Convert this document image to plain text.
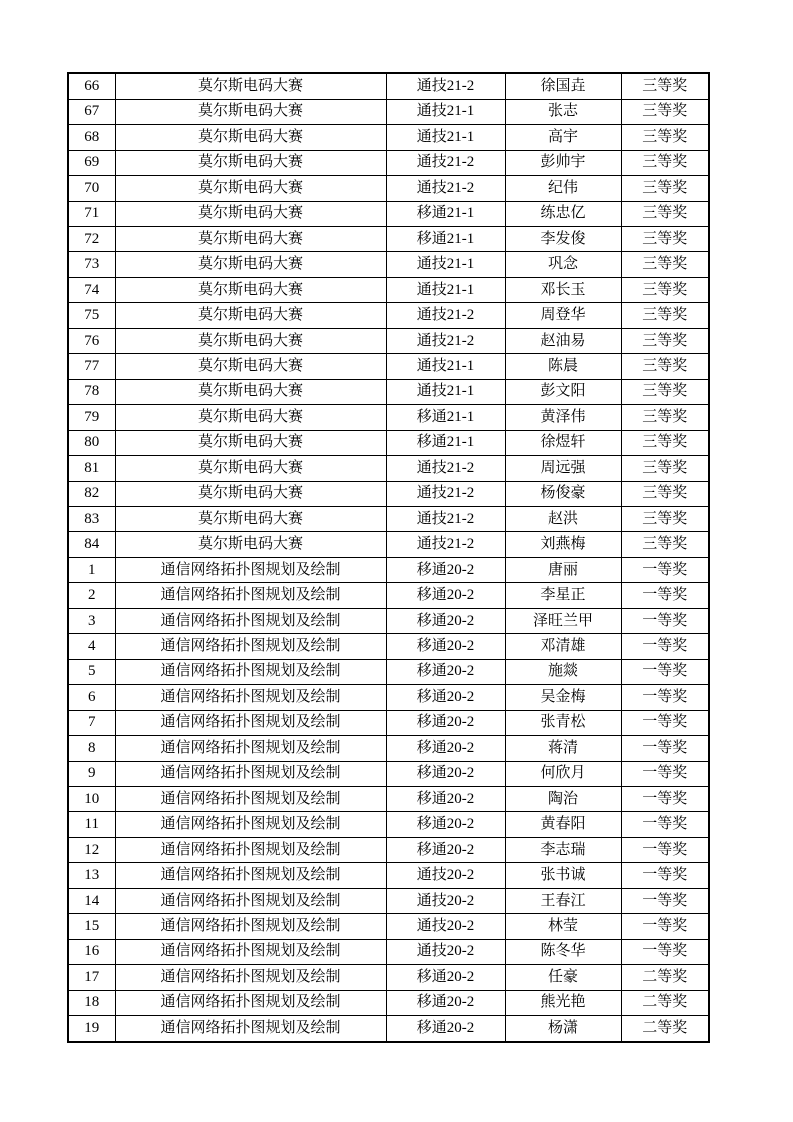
66	莫尔斯电码大赛	通技21-2	徐国垚	三等奖
67	莫尔斯电码大赛	通技21-1	张志	三等奖
68	莫尔斯电码大赛	通技21-1	高宇	三等奖
69	莫尔斯电码大赛	通技21-2	彭帅宇	三等奖
70	莫尔斯电码大赛	通技21-2	纪伟	三等奖
71	莫尔斯电码大赛	移通21-1	练忠亿	三等奖
72	莫尔斯电码大赛	移通21-1	李发俊	三等奖
73	莫尔斯电码大赛	通技21-1	巩念	三等奖
74	莫尔斯电码大赛	通技21-1	邓长玉	三等奖
75	莫尔斯电码大赛	通技21-2	周登华	三等奖
76	莫尔斯电码大赛	通技21-2	赵油易	三等奖
77	莫尔斯电码大赛	通技21-1	陈晨	三等奖
78	莫尔斯电码大赛	通技21-1	彭文阳	三等奖
79	莫尔斯电码大赛	移通21-1	黄泽伟	三等奖
80	莫尔斯电码大赛	移通21-1	徐煜轩	三等奖
81	莫尔斯电码大赛	通技21-2	周远强	三等奖
82	莫尔斯电码大赛	通技21-2	杨俊豪	三等奖
83	莫尔斯电码大赛	通技21-2	赵洪	三等奖
84	莫尔斯电码大赛	通技21-2	刘燕梅	三等奖
1	通信网络拓扑图规划及绘制	移通20-2	唐丽	一等奖
2	通信网络拓扑图规划及绘制	移通20-2	李星正	一等奖
3	通信网络拓扑图规划及绘制	移通20-2	泽旺兰甲	一等奖
4	通信网络拓扑图规划及绘制	移通20-2	邓清雄	一等奖
5	通信网络拓扑图规划及绘制	移通20-2	施燚	一等奖
6	通信网络拓扑图规划及绘制	移通20-2	吴金梅	一等奖
7	通信网络拓扑图规划及绘制	移通20-2	张青松	一等奖
8	通信网络拓扑图规划及绘制	移通20-2	蒋清	一等奖
9	通信网络拓扑图规划及绘制	移通20-2	何欣月	一等奖
10	通信网络拓扑图规划及绘制	移通20-2	陶治	一等奖
11	通信网络拓扑图规划及绘制	移通20-2	黄春阳	一等奖
12	通信网络拓扑图规划及绘制	移通20-2	李志瑞	一等奖
13	通信网络拓扑图规划及绘制	通技20-2	张书诚	一等奖
14	通信网络拓扑图规划及绘制	通技20-2	王春江	一等奖
15	通信网络拓扑图规划及绘制	通技20-2	林莹	一等奖
16	通信网络拓扑图规划及绘制	通技20-2	陈冬华	一等奖
17	通信网络拓扑图规划及绘制	移通20-2	任豪	二等奖
18	通信网络拓扑图规划及绘制	移通20-2	熊光艳	二等奖
19	通信网络拓扑图规划及绘制	移通20-2	杨潇	二等奖
